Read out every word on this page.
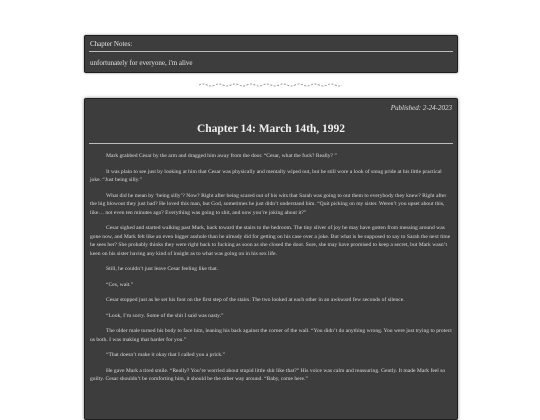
Chapter Notes:
unfortunately for everyone, i'm alive
Published: 2-24-2023
Chapter 14: March 14th, 1992

Mark grabbed Cesar by the arm and dragged him away from the door. “Cesar, what the fuck? Really? ”

It was plain to see just by looking at him that Cesar was physically and mentally wiped out, but he still wore a look of smug pride at his little practical joke. “Just being silly.”

What did he mean by ‘being silly’? Now? Right after being scared out of his wits that Sarah was going to out them to everybody they knew? Right after the big blowout they just had? He loved this man, but God, sometimes he just didn’t understand him. “Quit picking on my sister. Weren’t you upset about this, like… not even ten minutes ago? Everything was going to shit, and now you’re joking about it?”

Cesar sighed and started walking past Mark, back toward the stairs to the bedroom. The tiny sliver of joy he may have gotten from messing around was gone now, and Mark felt like an even bigger asshole than he already did for getting on his case over a joke. But what is he supposed to say to Sarah the next time he sees her? She probably thinks they were right back to fucking as soon as she closed the door. Sure, she may have promised to keep a secret, but Mark wasn’t keen on his sister having any kind of insight as to what was going on in his sex life.

Still, he couldn’t just leave Cesar feeling like that.

“Ces, wait.”

Cesar stopped just as he set his foot on the first step of the stairs. The two looked at each other in an awkward few seconds of silence.

“Look, I’m sorry. Some of the shit I said was nasty.”

The older male turned his body to face him, leaning his back against the corner of the wall. “You didn’t do anything wrong. You were just trying to protect us both. I was making that harder for you.”

“That doesn’t make it okay that I called you a prick.”

He gave Mark a tired smile. “Really? You’re worried about stupid little shit like that?” His voice was calm and reassuring. Gently. It made Mark feel so guilty. Cesar shouldn’t be comforting him, it should be the other way around. “Baby, come here.”
